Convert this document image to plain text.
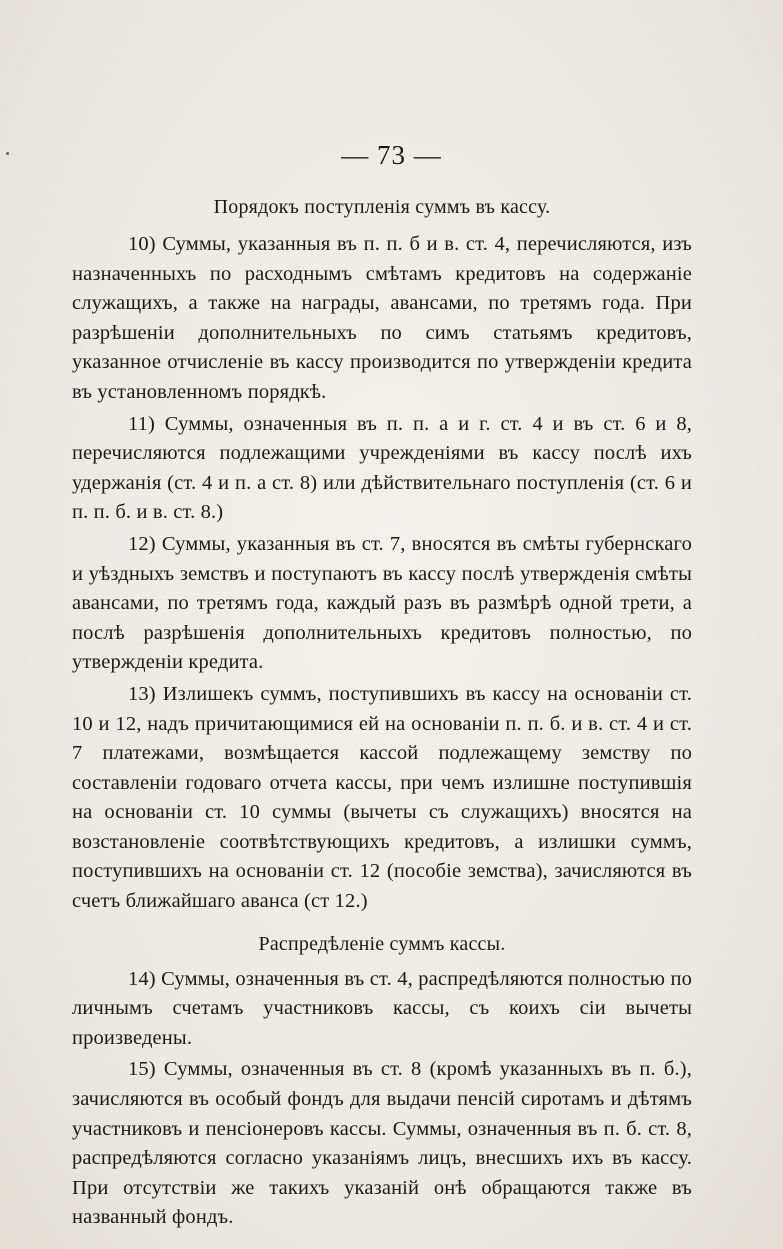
— 73 —
Порядокъ поступленія суммъ въ кассу.

10) Суммы, указанныя въ п. п. б и в. ст. 4, перечисляются, изъ назначенныхъ по расходнымъ смѣтамъ кредитовъ на содержаніе служащихъ, а также на награды, авансами, по третямъ года. При разрѣшеніи дополнительныхъ по симъ статьямъ кредитовъ, указанное отчисленіе въ кассу производится по утвержденіи кредита въ установленномъ порядкѣ.

11) Суммы, означенныя въ п. п. а и г. ст. 4 и въ ст. 6 и 8, перечисляются подлежащими учрежденіями въ кассу послѣ ихъ удержанія (ст. 4 и п. а ст. 8) или дѣйствительнаго поступленія (ст. 6 и п. п. б. и в. ст. 8.)

12) Суммы, указанныя въ ст. 7, вносятся въ смѣты губернскаго и уѣздныхъ земствъ и поступаютъ въ кассу послѣ утвержденія смѣты авансами, по третямъ года, каждый разъ въ размѣрѣ одной трети, а послѣ разрѣшенія дополнительныхъ кредитовъ полностью, по утвержденіи кредита.

13) Излишекъ суммъ, поступившихъ въ кассу на основаніи ст. 10 и 12, надъ причитающимися ей на основаніи п. п. б. и в. ст. 4 и ст. 7 платежами, возмѣщается кассой подлежащему земству по составленіи годоваго отчета кассы, при чемъ излишне поступившія на основаніи ст. 10 суммы (вычеты съ служащихъ) вносятся на возстановленіе соотвѣтствующихъ кредитовъ, а излишки суммъ, поступившихъ на основаніи ст. 12 (пособіе земства), зачисляются въ счетъ ближайшаго аванса (ст 12.)

Распредѣленіе суммъ кассы.

14) Суммы, означенныя въ ст. 4, распредѣляются полностью по личнымъ счетамъ участниковъ кассы, съ коихъ сіи вычеты произведены.

15) Суммы, означенныя въ ст. 8 (кромѣ указанныхъ въ п. б.), зачисляются въ особый фондъ для выдачи пенсій сиротамъ и дѣтямъ участниковъ и пенсіонеровъ кассы. Суммы, означенныя въ п. б. ст. 8, распредѣляются согласно указаніямъ лицъ, внесшихъ ихъ въ кассу. При отсутствіи же такихъ указаній онѣ обращаются также въ названный фондъ.
